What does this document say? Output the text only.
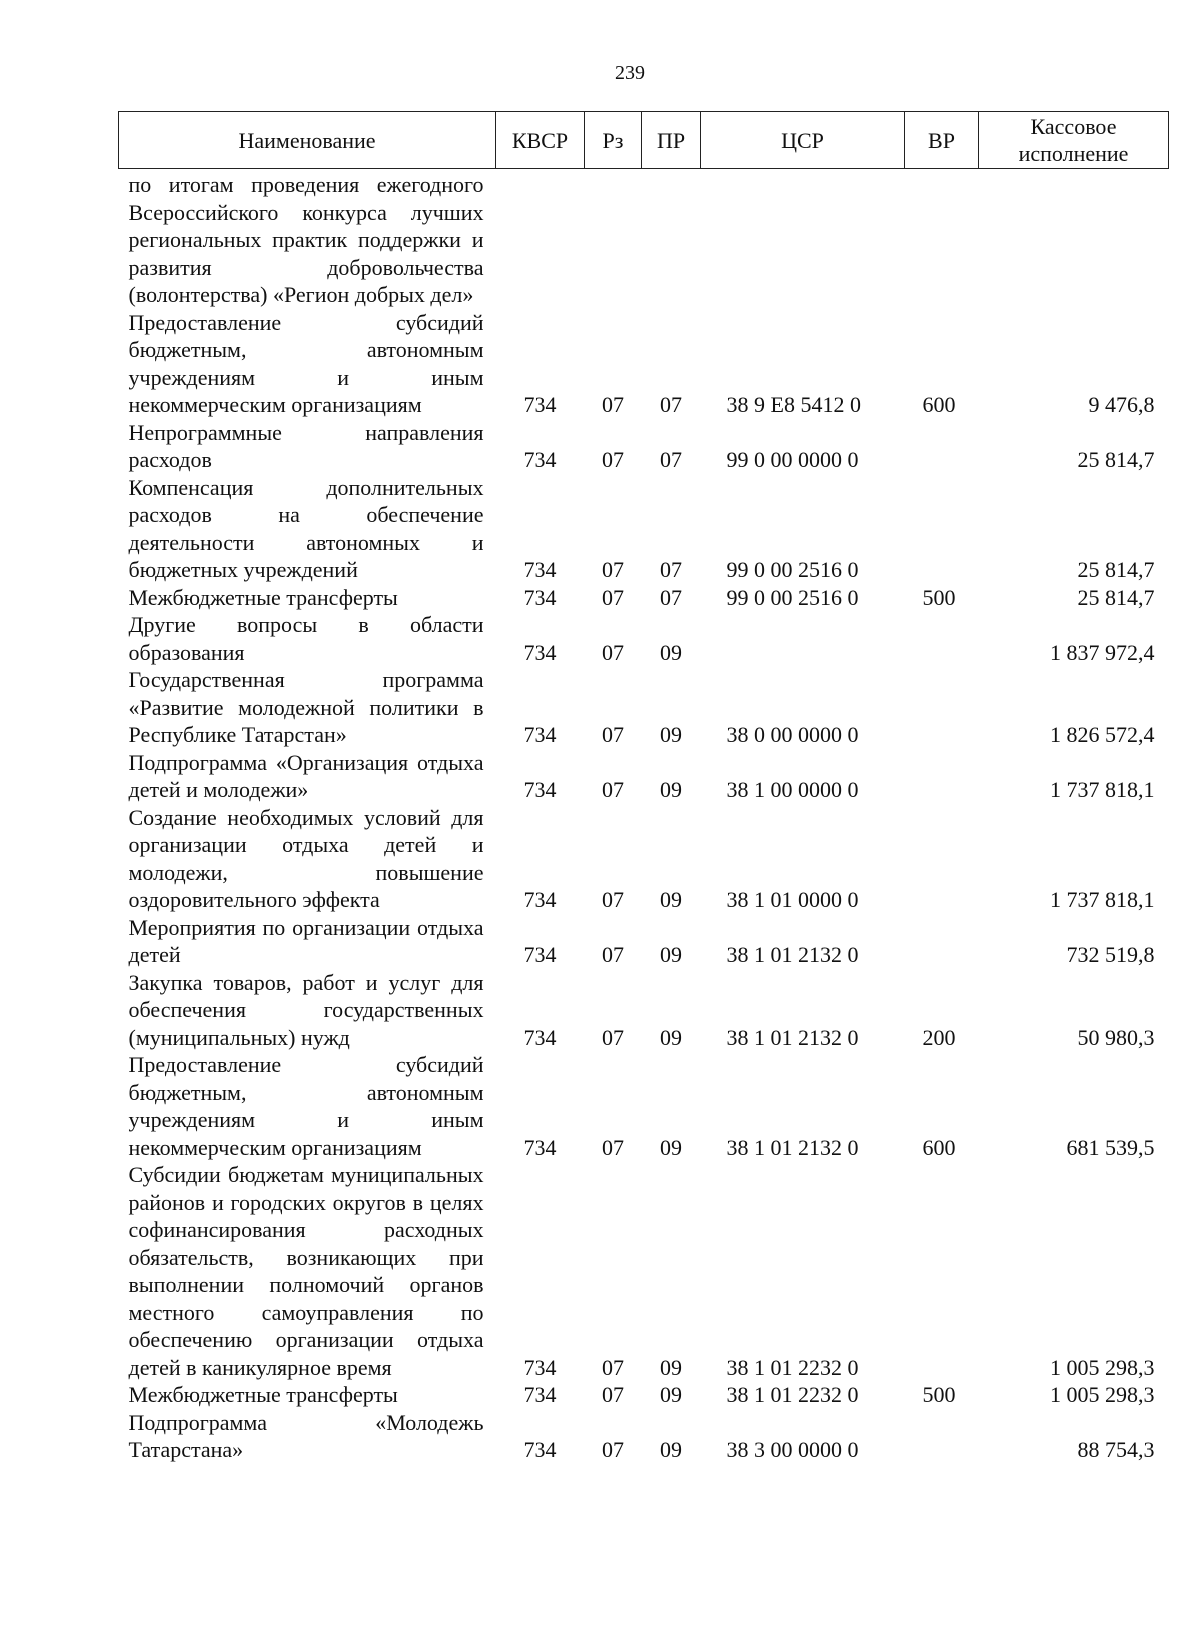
239
Наименование	КВСР	Рз	ПР	ЦСР	ВР	Кассовое исполнение
по итогам проведения ежегодного Всероссийского конкурса лучших региональных практик поддержки и развития добровольчества (волонтерства) «Регион добрых дел»						
Предоставление субсидий бюджетным, автономным учреждениям и иным некоммерческим организациям	734	07	07	38 9 E8 5412 0	600	9 476,8
Непрограммные направления расходов	734	07	07	99 0 00 0000 0		25 814,7
Компенсация дополнительных расходов на обеспечение деятельности автономных и бюджетных учреждений	734	07	07	99 0 00 2516 0		25 814,7
Межбюджетные трансферты	734	07	07	99 0 00 2516 0	500	25 814,7
Другие вопросы в области образования	734	07	09			1 837 972,4
Государственная программа «Развитие молодежной политики в Республике Татарстан»	734	07	09	38 0 00 0000 0		1 826 572,4
Подпрограмма «Организация отдыха детей и молодежи»	734	07	09	38 1 00 0000 0		1 737 818,1
Создание необходимых условий для организации отдыха детей и молодежи, повышение оздоровительного эффекта	734	07	09	38 1 01 0000 0		1 737 818,1
Мероприятия по организации отдыха детей	734	07	09	38 1 01 2132 0		732 519,8
Закупка товаров, работ и услуг для обеспечения государственных (муниципальных) нужд	734	07	09	38 1 01 2132 0	200	50 980,3
Предоставление субсидий бюджетным, автономным учреждениям и иным некоммерческим организациям	734	07	09	38 1 01 2132 0	600	681 539,5
Субсидии бюджетам муниципальных районов и городских округов в целях софинансирования расходных обязательств, возникающих при выполнении полномочий органов местного самоуправления по обеспечению организации отдыха детей в каникулярное время	734	07	09	38 1 01 2232 0		1 005 298,3
Межбюджетные трансферты	734	07	09	38 1 01 2232 0	500	1 005 298,3
Подпрограмма «Молодежь Татарстана»	734	07	09	38 3 00 0000 0		88 754,3
